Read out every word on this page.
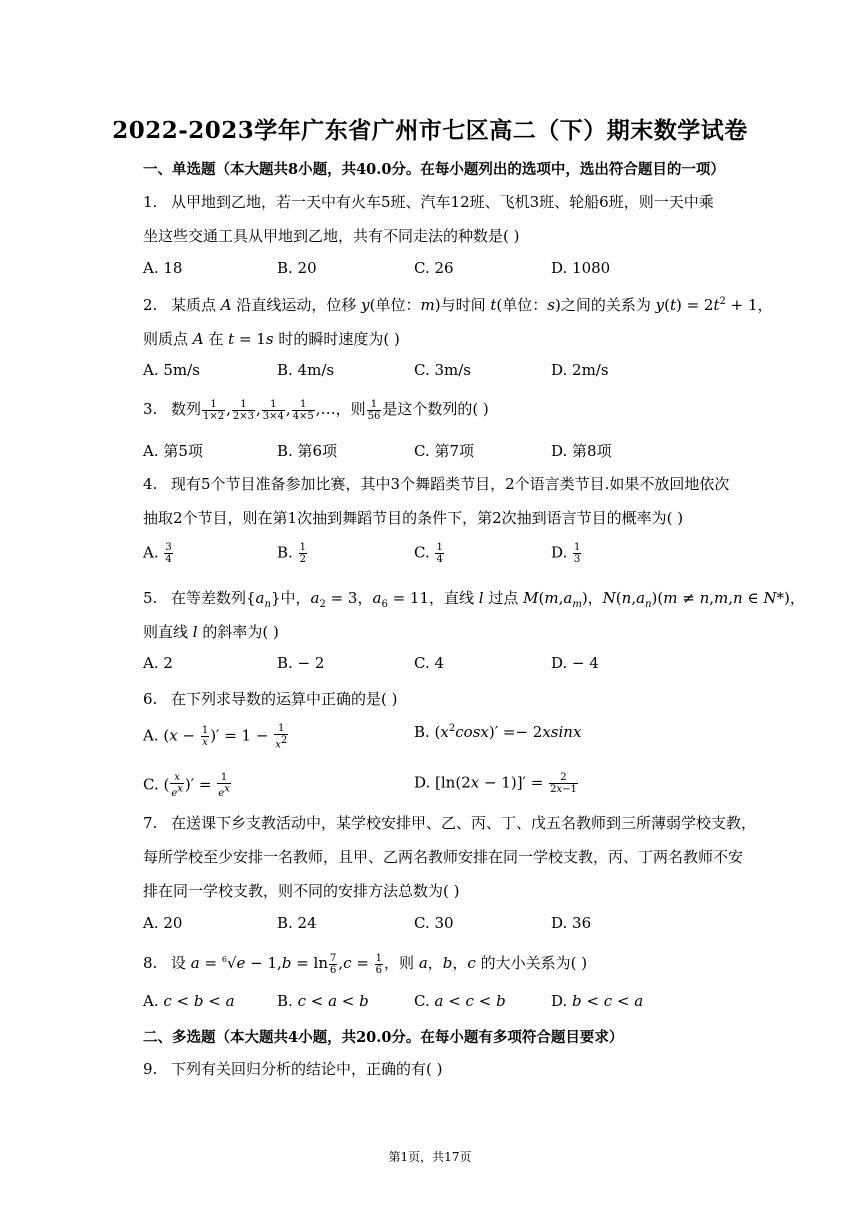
2022-2023学年广东省广州市七区高二（下）期末数学试卷
一、单选题（本大题共8小题，共40.0分。在每小题列出的选项中，选出符合题目的一项）
1. 从甲地到乙地，若一天中有火车5班、汽车12班、飞机3班、轮船6班，则一天中乘
坐这些交通工具从甲地到乙地，共有不同走法的种数是( )
A. 18	B. 20	C. 26	D. 1080
2. 某质点 A 沿直线运动，位移 y(单位：m)与时间 t(单位：s)之间的关系为 $y(t) = 2t^2 + 1$，
则质点 A 在 t = 1s 时的瞬时速度为( )
A. 5m/s	B. 4m/s	C. 3m/s	D. 2m/s
3. 数列 $\frac{1}{1\times 2}$ , $\frac{1}{2\times 3}$ , $\frac{1}{3\times 4}$ , $\frac{1}{4\times 5}$ ,…，则 $\frac{1}{56}$ 是这个数列的( )
A. 第5项	B. 第6项	C. 第7项	D. 第8项
4. 现有5个节目准备参加比赛，其中3个舞蹈类节目，2个语言类节目.如果不放回地依次
抽取2个节目，则在第1次抽到舞蹈节目的条件下，第2次抽到语言节目的概率为( )
A. $\frac{3}{4}$	B. $\frac{1}{2}$	C. $\frac{1}{4}$	D. $\frac{1}{3}$
5. 在等差数列$\{a_n\}$中，$a_2 = 3$，$a_6 = 11$，直线 l 过点 $M(m,a_m)$，$N(n,a_n)(m \ne n,m,n$ ∈ N*)，
则直线 l 的斜率为( )
A. 2	B. − 2	C. 4	D. − 4
6. 在下列求导数的运算中正确的是( )
A. ($x - \frac{1}{x}$ )′ = $1 - \frac{1}{x^2}$	B. $(x^2\cos x)' =- 2xsinx$
C. ( $\frac{x}{e^x}$ )′ = $\frac{1}{e^x}$	D. $[\ln(2x - 1)]' = \frac{2}{2x-1}$
7. 在送课下乡支教活动中，某学校安排甲、乙、丙、丁、戊五名教师到三所薄弱学校支教，
每所学校至少安排一名教师，且甲、乙两名教师安排在同一学校支教，丙、丁两名教师不安
排在同一学校支教，则不同的安排方法总数为( )
A. 20	B. 24	C. 30	D. 36
8. 设 $a = ^6√e - 1,b = \ln \frac{7}{6} ,c = \frac{1}{6}$ ，则 a，b，c 的大小关系为( )
A. c < b < a	B. c < a < b	C. a < c < b	D. b < c < a
二、多选题（本大题共4小题，共20.0分。在每小题有多项符合题目要求）
9. 下列有关回归分析的结论中，正确的有( )
第1页，共17页
